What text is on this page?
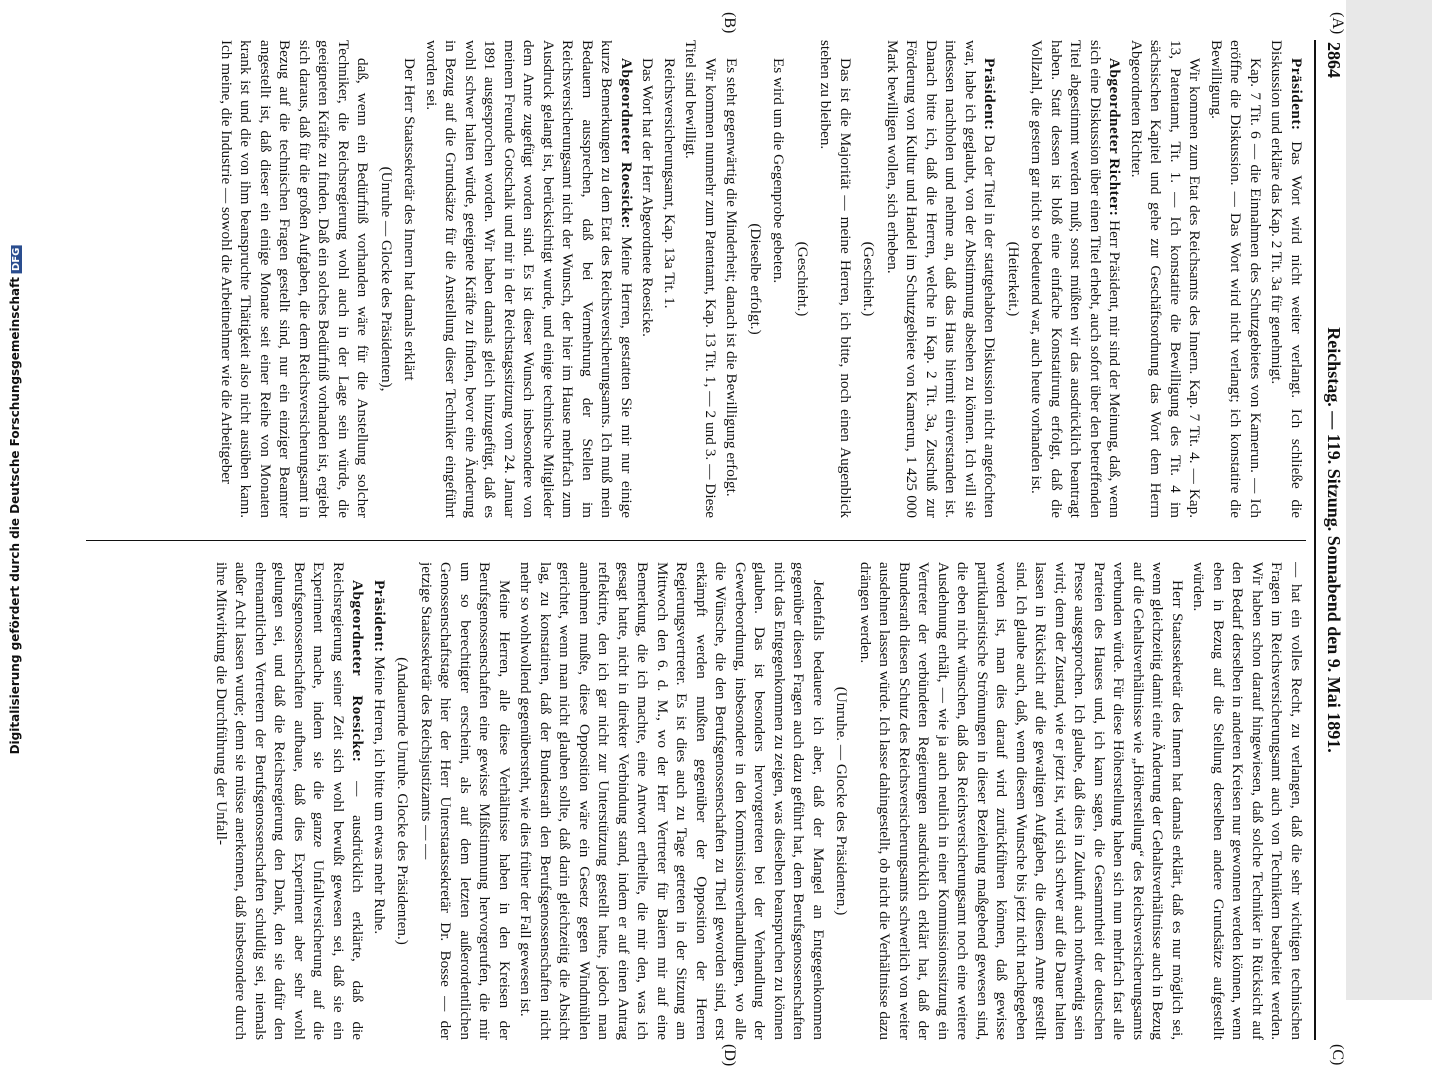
Digitalisierung gefördert durch die Deutsche ForschungsgemeinschaftDFG
2864
Reichstag. — 119. Sitzung. Sonnabend den 9. Mai 1891.
(A)
(B)
(C)
(D)

Präsident: Das Wort wird nicht weiter verlangt. Ich schließe die Diskussion und erkläre das Kap. 2 Tit. 3a für genehmigt.

Kap. 7 Tit. 6 — die Einnahmen des Schutzgebietes von Kamerun. — Ich eröffne die Diskussion. — Das Wort wird nicht verlangt; ich konstatire die Bewilligung.

Wir kommen zum Etat des Reichsamts des Innern. Kap. 7 Tit. 4. — Kap. 13, Patentamt, Tit. 1. — Ich konstatire die Bewilligung des Tit. 4 im sächsischen Kapitel und gehe zur Geschäftsordnung das Wort dem Herrn Abgeordneten Richter.

Abgeordneter Richter: Herr Präsident, mir sind der Meinung, daß, wenn sich eine Diskussion über einen Titel erhebt, auch sofort über den betreffenden Titel abgestimmt werden muß; sonst müßten wir das ausdrücklich beantragt haben. Statt dessen ist bloß eine einfache Konstatirung erfolgt, daß die Vollzahl, die gestern gar nicht so bedeutend war, auch heute vorhanden ist.

(Heiterkeit.)

Präsident: Da der Titel in der stattgehabten Diskussion nicht angefochten war, habe ich geglaubt, von der Abstimmung absehen zu können. Ich will sie indessen nachholen und nehme an, daß das Haus hiermit einverstanden ist. Danach bitte ich, daß die Herren, welche in Kap. 2 Tit. 3a, Zuschuß zur Förderung von Kultur und Handel im Schutzgebiete von Kamerun, 1 425 000 Mark bewilligen wollen, sich erheben.

(Geschieht.)

Das ist die Majorität — meine Herren, ich bitte, noch einen Augenblick stehen zu bleiben.

(Geschieht.)

Es wird um die Gegenprobe gebeten.

(Dieselbe erfolgt.)

Es steht gegenwärtig die Minderheit; danach ist die Bewilligung erfolgt.

Wir kommen nunmehr zum Patentamt, Kap. 13 Tit. 1, — 2 und 3. — Diese Titel sind bewilligt.

Reichsversicherungsamt, Kap. 13a Tit. 1.

Das Wort hat der Herr Abgeordnete Roesicke.

Abgeordneter Roesicke: Meine Herren, gestatten Sie mir nur einige kurze Bemerkungen zu dem Etat des Reichsversicherungsamts. Ich muß mein Bedauern aussprechen, daß bei Vermehrung der Stellen im Reichsversicherungsamt nicht der Wunsch, der hier im Hause mehrfach zum Ausdruck gelangt ist, berücksichtigt wurde, und einige technische Mitglieder dem Amte zugefügt worden sind. Es ist dieser Wunsch insbesondere von meinem Freunde Gotschalk und mir in der Reichstagssitzung vom 24. Januar 1891 ausgesprochen worden. Wir haben damals gleich hinzugefügt, daß es wohl schwer halten würde, geeignete Kräfte zu finden, bevor eine Änderung in Bezug auf die Grundsätze für die Anstellung dieser Techniker eingeführt worden sei.

Der Herr Staatssekretär des Innern hat damals erklärt

(Unruhe — Glocke des Präsidenten),

daß, wenn ein Bedürfniß vorhanden wäre für die Anstellung solcher Techniker, die Reichsregierung wohl auch in der Lage sein würde, die geeigneten Kräfte zu finden. Daß ein solches Bedürfniß vorhanden ist, ergiebt sich daraus, daß für die großen Aufgaben, die dem Reichsversicherungsamt in Bezug auf die technischen Fragen gestellt sind, nur ein einziger Beamter angestellt ist, daß dieser ein einige Monate seit einer Reihe von Monaten krank ist und die von ihm beanspruchte Thätigkeit also nicht ausüben kann. Ich meine, die Industrie — sowohl die Arbeitnehmer wie die Arbeitgeber

— hat ein volles Recht, zu verlangen, daß die sehr wichtigen technischen Fragen im Reichsversicherungsamt auch von Technikern bearbeitet werden. Wir haben schon darauf hingewiesen, daß solche Techniker in Rücksicht auf den Bedarf derselben in anderen Kreisen nur gewonnen werden können, wenn eben in Bezug auf die Stellung derselben andere Grundsätze aufgestellt würden.

Herr Staatssekretär des Innern hat damals erklärt, daß es nur möglich sei, wenn gleichzeitig damit eine Änderung der Gehaltsverhältnisse auch in Bezug auf die Gehaltsverhältnisse wie „Höherstellung“ des Reichsversicherungsamts verbunden würde. Für diese Höherstellung haben sich nun mehrfach fast alle Parteien des Hauses und, ich kann sagen, die Gesammtheit der deutschen Presse ausgesprochen. Ich glaube, daß dies in Zukunft auch nothwendig sein wird; denn der Zustand, wie er jetzt ist, wird sich schwer auf die Dauer halten lassen in Rücksicht auf die gewaltigen Aufgaben, die diesem Amte gestellt sind. Ich glaube auch, daß, wenn diesem Wunsche bis jetzt nicht nachgegeben worden ist, man dies darauf wird zurückführen können, daß gewisse partikularistische Strömungen in dieser Beziehung maßgebend gewesen sind, die eben nicht wünschen, daß das Reichsversicherungsamt noch eine weitere Ausdehnung erhält, — wie ja auch neulich in einer Kommissionssitzung ein Vertreter der verbündeten Regierungen ausdrücklich erklärt hat, daß der Bundesrath diesen Schutz des Reichsversicherungsamts schwerlich von weiter ausdehnen lassen würde. Ich lasse dahingestellt, ob nicht die Verhältnisse dazu drängen werden.

(Unruhe. — Glocke des Präsidenten.)

Jedenfalls bedauere ich aber, daß der Mangel an Entgegenkommen gegenüber diesen Fragen auch dazu geführt hat, dem Berufsgenossenschaften nicht das Entgegenkommen zu zeigen, was dieselben beanspruchen zu können glauben. Das ist besonders hervorgetreten bei der Verhandlung der Gewerbeordnung, insbesondere in den Kommissionsverhandlungen, wo alle die Wünsche, die den Berufsgenossenschaften zu Theil geworden sind, erst erkämpft werden mußten gegenüber der Opposition der Herren Regierungsvertreter. Es ist dies auch zu Tage getreten in der Sitzung am Mittwoch den 6. d. M., wo der Herr Vertreter für Baiern mir auf eine Bemerkung, die ich machte, eine Antwort ertheilte, die mir den, was ich gesagt hatte, nicht in direkter Verbindung stand, indem er auf einen Antrag reflektirte, den ich gar nicht zur Unterstützung gestellt hatte, jedoch man annehmen mußte, diese Opposition wäre ein Gesetz gegen Windmühlen gerichtet, wenn man nicht glauben sollte, daß darin gleichzeitig die Absicht lag, zu konstatiren, daß der Bundesrath den Berufsgenossenschaften nicht mehr so wohlwollend gegenübersteht, wie dies früher der Fall gewesen ist.

Meine Herren, alle diese Verhältnisse haben in den Kreisen der Berufsgenossenschaften eine gewisse Mißstimmung hervorgerufen, die mir um so berechtigter erscheint, als auf dem letzten außerordentlichen Genossenschaftstage hier der Herr Unterstaatssekretär Dr. Bosse — der jetzige Staatssekretär des Reichsjustizamts — —

(Andauernde Unruhe. Glocke des Präsidenten.)

Präsident: Meine Herren, ich bitte um etwas mehr Ruhe.

Abgeordneter Roesicke: — ausdrücklich erklärte, daß die Reichsregierung seiner Zeit sich wohl bewußt gewesen sei, daß sie ein Experiment mache, indem sie die ganze Unfallversicherung auf die Berufsgenossenschaften aufbaue, daß dies Experiment aber sehr wohl gelungen sei, und daß die Reichsregierung den Dank, den sie dafür den ehrenamtlichen Vertretern der Berufsgenossenschaften schuldig sei, niemals außer Acht lassen wurde; denn sie müsse anerkennen, daß insbesondere durch ihre Mitwirkung die Durchführung der Unfall-
